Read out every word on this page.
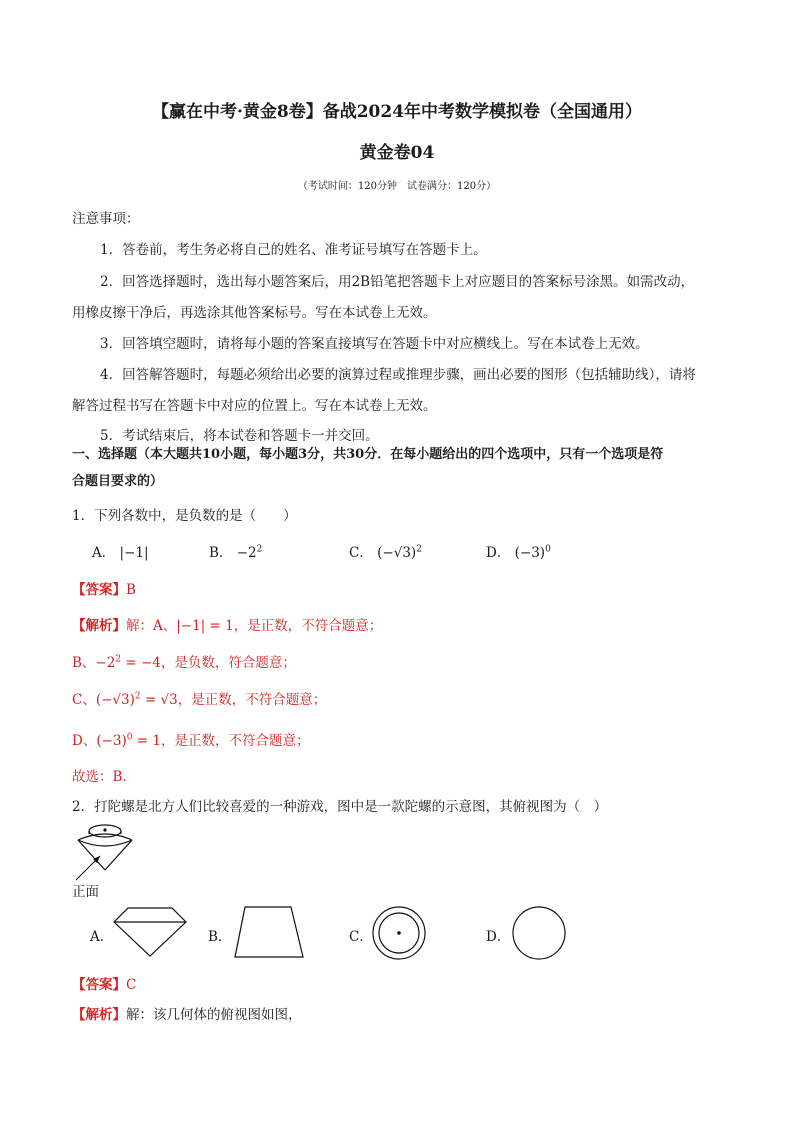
【赢在中考·黄金8卷】备战2024年中考数学模拟卷（全国通用）
黄金卷04
（考试时间：120分钟　试卷满分：120分）
注意事项：
1．答卷前，考生务必将自己的姓名、准考证号填写在答题卡上。
2．回答选择题时，选出每小题答案后，用2B铅笔把答题卡上对应题目的答案标号涂黑。如需改动，
用橡皮擦干净后，再选涂其他答案标号。写在本试卷上无效。
3．回答填空题时，请将每小题的答案直接填写在答题卡中对应横线上。写在本试卷上无效。
4．回答解答题时，每题必须给出必要的演算过程或推理步骤，画出必要的图形（包括辅助线），请将
解答过程书写在答题卡中对应的位置上。写在本试卷上无效。
5．考试结束后，将本试卷和答题卡一并交回。
一、选择题（本大题共10小题，每小题3分，共30分．在每小题给出的四个选项中，只有一个选项是符
合题目要求的）
1．下列各数中，是负数的是（　　）
A． |−1|	B． $-2^2$	C． $(-√3)^2$	D． $(-3)^0$
【答案】B
【解析】解：A、|−1| = 1，是正数，不符合题意；
B、$-2^2 = -4$，是负数，符合题意；
C、$(-√3)^2 = √3$，是正数，不符合题意；
D、$(-3)^0 = 1$，是正数，不符合题意；
故选：B．
2．打陀螺是北方人们比较喜爱的一种游戏，图中是一款陀螺的示意图，其俯视图为（　）
正面
A．	B．	C．	D．
【答案】C
【解析】解：该几何体的俯视图如图，
